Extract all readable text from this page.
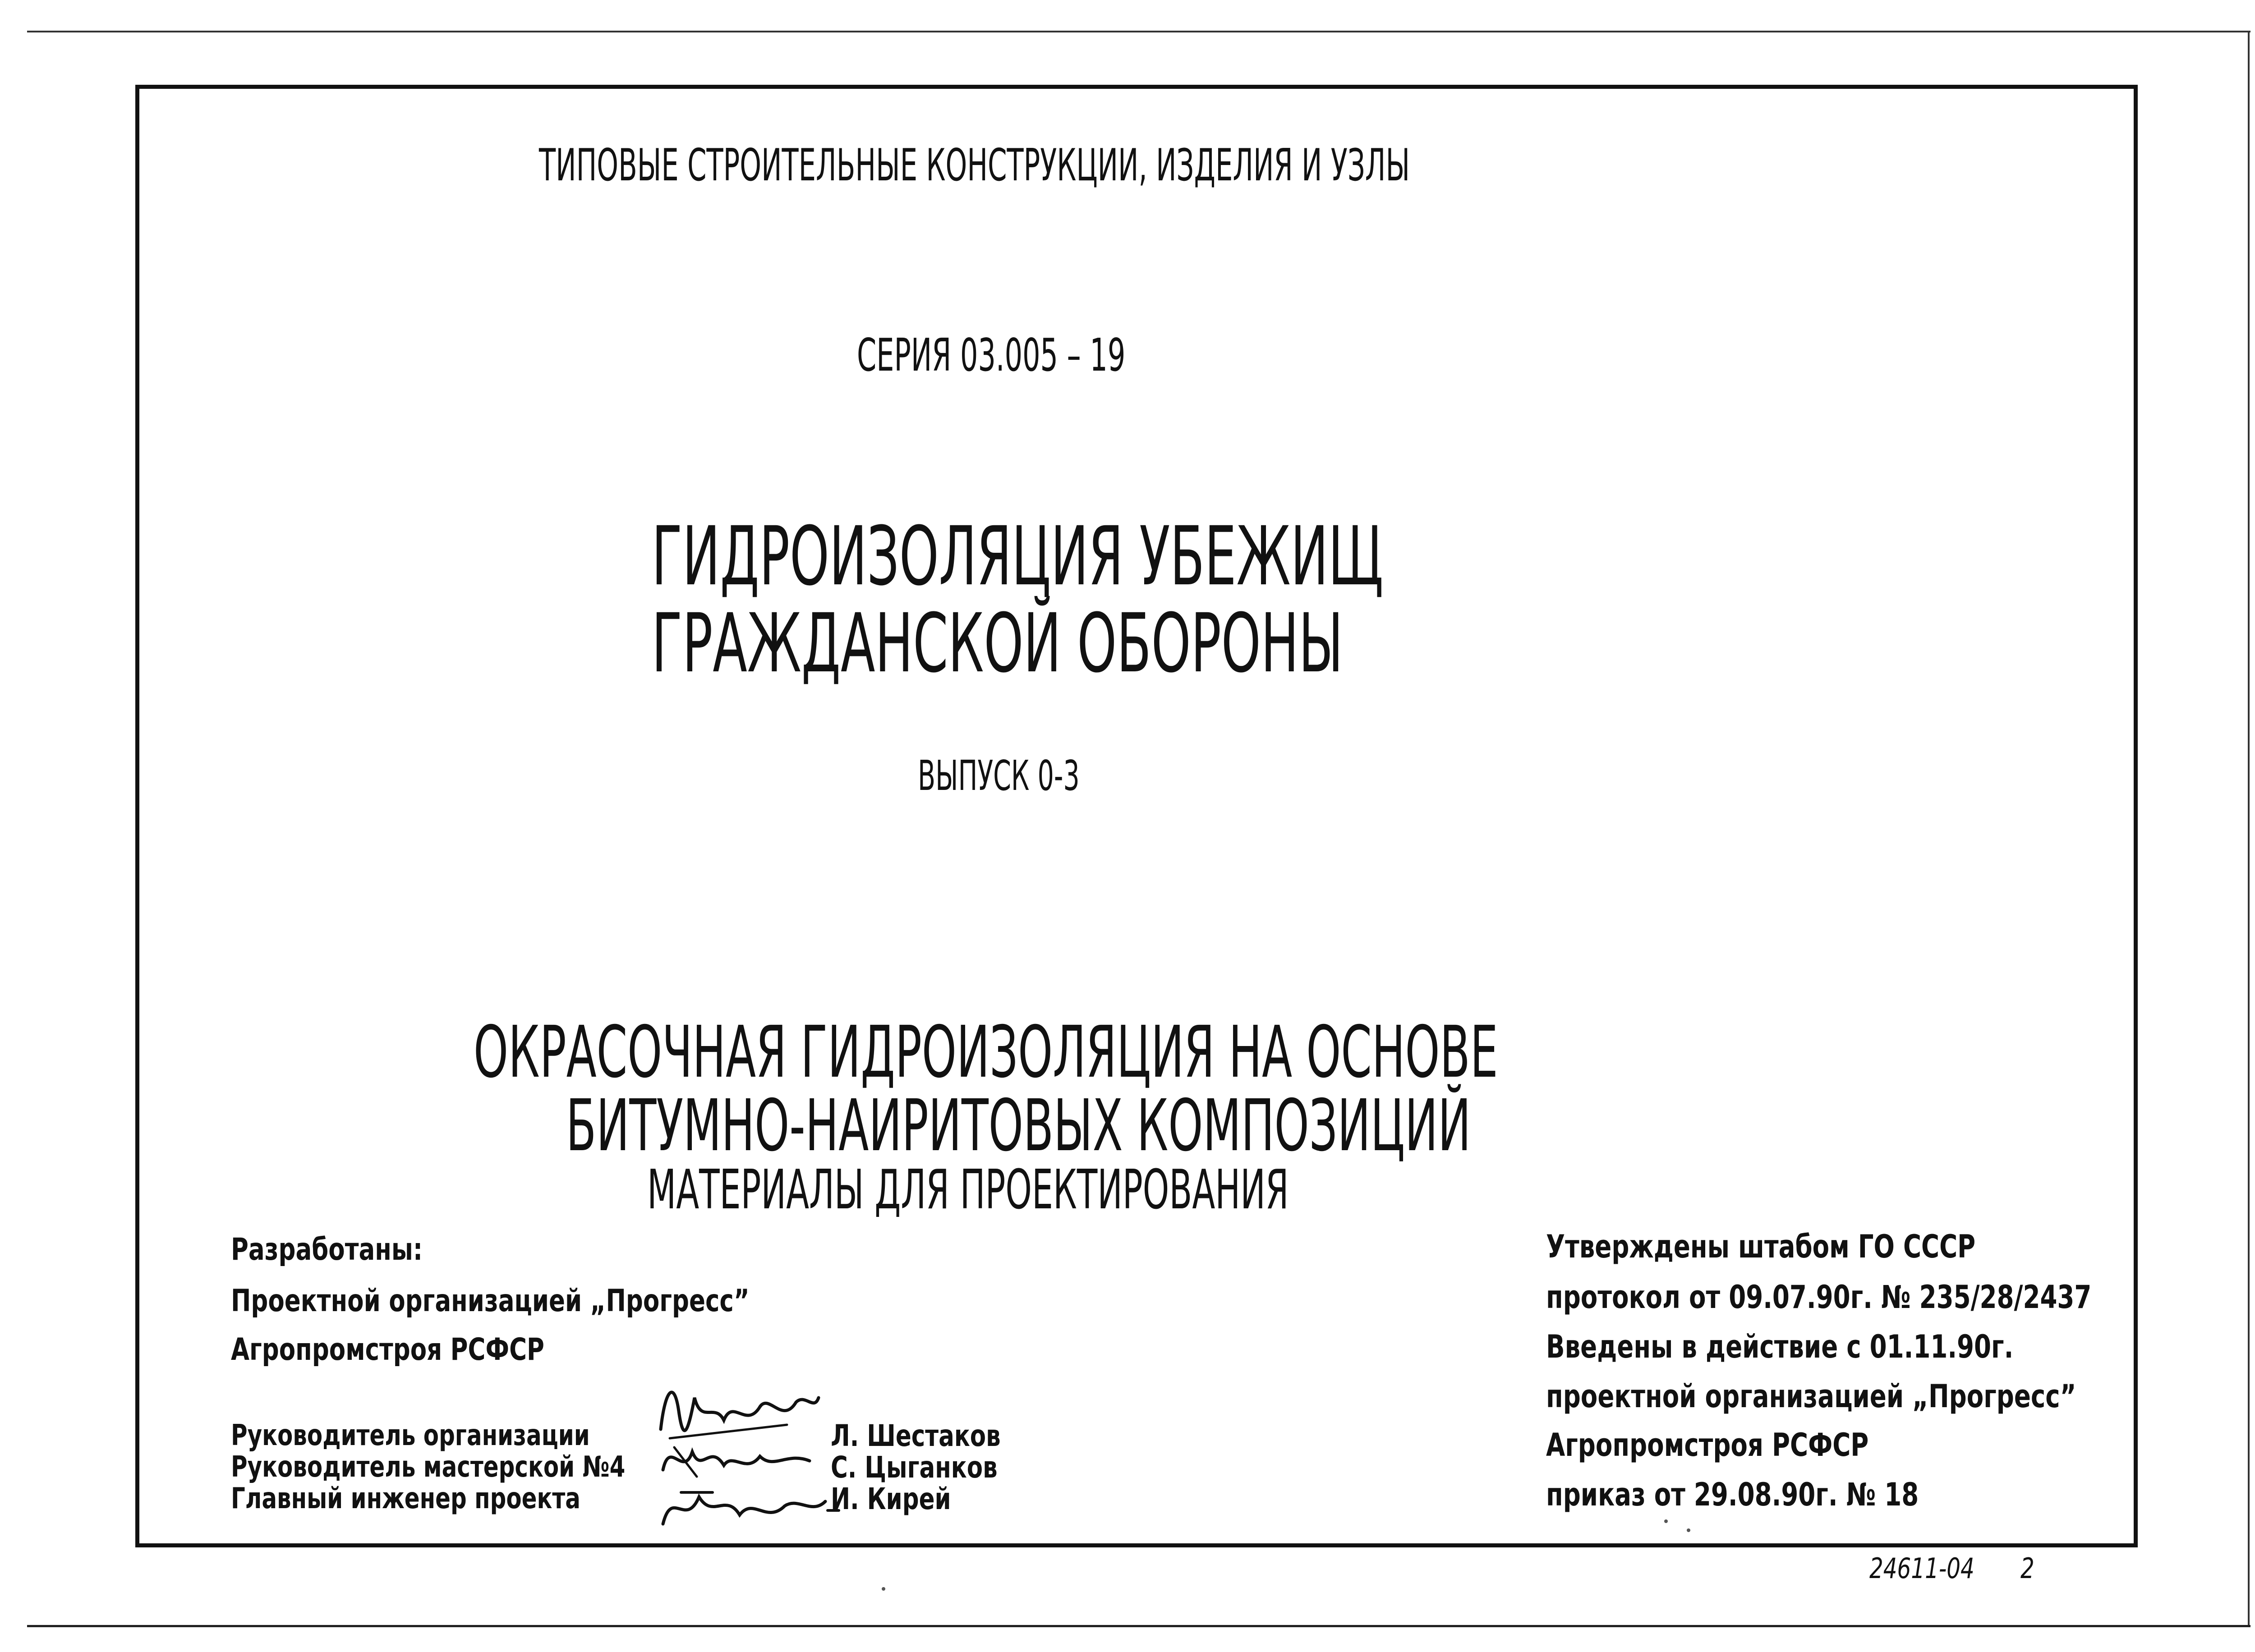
ТИПОВЫЕ СТРОИТЕЛЬНЫЕ КОНСТРУКЦИИ, ИЗДЕЛИЯ И УЗЛЫ
СЕРИЯ 03.005 – 19
ГИДРОИЗОЛЯЦИЯ УБЕЖИЩ
ГРАЖДАНСКОЙ ОБОРОНЫ
ВЫПУСК 0-3
ОКРАСОЧНАЯ ГИДРОИЗОЛЯЦИЯ НА ОСНОВЕ
БИТУМНО-НАИРИТОВЫХ КОМПОЗИЦИЙ
МАТЕРИАЛЫ ДЛЯ ПРОЕКТИРОВАНИЯ
Разработаны:
Проектной организацией „Прогресс”
Агропромстроя РСФСР
Руководитель организации
Руководитель мастерской №4
Главный инженер проекта
Л. Шестаков
С. Цыганков
И. Кирей
Утверждены штабом ГО СССР
протокол от 09.07.90г. № 235/28/2437
Введены в действие с 01.11.90г.
проектной организацией „Прогресс”
Агропромстроя РСФСР
приказ от 29.08.90г. № 18
24611-04 2
